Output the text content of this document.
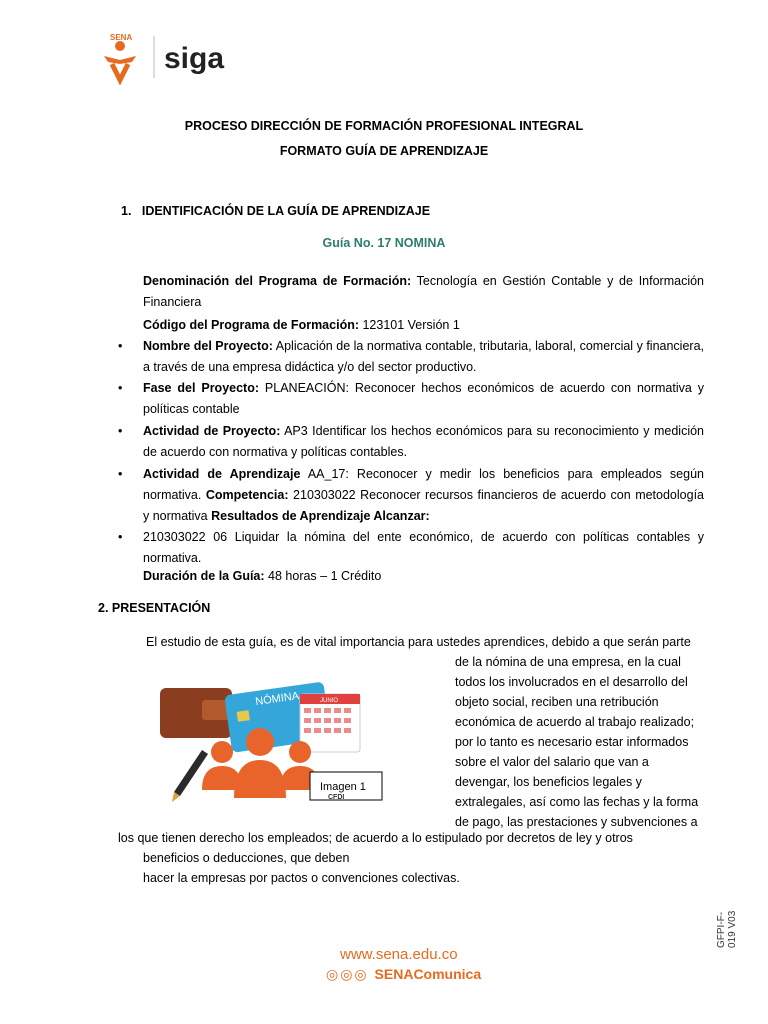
SENA
siga
PROCESO DIRECCIÓN DE FORMACIÓN PROFESIONAL INTEGRAL
FORMATO GUÍA DE APRENDIZAJE
1.   IDENTIFICACIÓN DE LA GUÍA DE APRENDIZAJE
Guía No. 17 NOMINA
Denominación del Programa de Formación: Tecnología en Gestión Contable y de Información Financiera
Código del Programa de Formación: 123101 Versión 1
•	Nombre del Proyecto: Aplicación de la normativa contable, tributaria, laboral, comercial y financiera, a través de una empresa didáctica y/o del sector productivo.
•	Fase del Proyecto: PLANEACIÓN: Reconocer hechos económicos de acuerdo con normativa y políticas contable
•	Actividad de Proyecto: AP3 Identificar los hechos económicos para su reconocimiento y medición de acuerdo con normativa y políticas contables.
•	Actividad de Aprendizaje AA_17: Reconocer y medir los beneficios para empleados según normativa. Competencia: 210303022 Reconocer recursos financieros de acuerdo con metodología y normativa Resultados de Aprendizaje Alcanzar:
•	210303022 06 Liquidar la nómina del ente económico, de acuerdo con políticas contables y normativa.
Duración de la Guía: 48 horas – 1 Crédito
2. PRESENTACIÓN
El estudio de esta guía, es de vital importancia para ustedes aprendices, debido a que serán parte
de la nómina de una empresa, en la cual
todos los involucrados en el desarrollo del
objeto social, reciben una retribución
económica de acuerdo al trabajo realizado;
por lo tanto es necesario estar informados
sobre el valor del salario que van a
devengar, los beneficios legales y
extralegales, así como las fechas y la forma
de pago, las prestaciones y subvenciones a
NÓMINA	JUNIO
Imagen 1
CFDI
los que tienen derecho los empleados; de acuerdo a lo estipulado por decretos de ley y otros
beneficios o deducciones, que deben
hacer la empresas por pactos o convenciones colectivas.
www.sena.edu.co
◎◎◎ SENAComunica
GFPI-F-019 V03
